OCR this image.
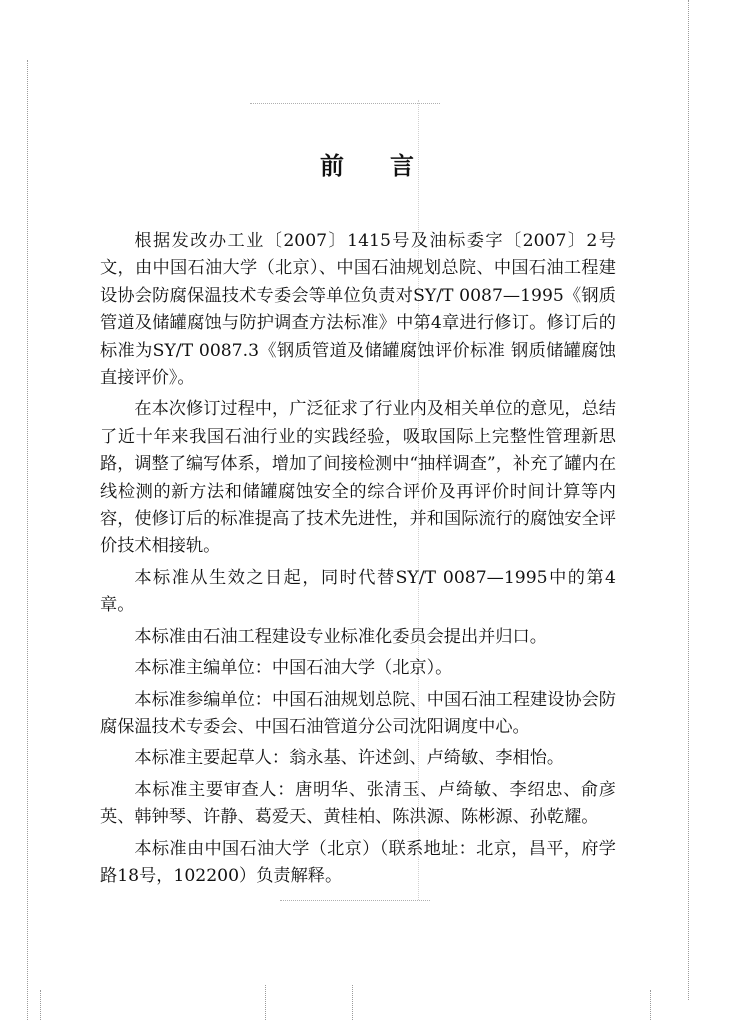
前 言

根据发改办工业〔2007〕1415号及油标委字〔2007〕2号文，由中国石油大学（北京）、中国石油规划总院、中国石油工程建设协会防腐保温技术专委会等单位负责对SY/T 0087—1995《钢质管道及储罐腐蚀与防护调查方法标准》中第4章进行修订。修订后的标准为SY/T 0087.3《钢质管道及储罐腐蚀评价标准 钢质储罐腐蚀直接评价》。

在本次修订过程中，广泛征求了行业内及相关单位的意见，总结了近十年来我国石油行业的实践经验，吸取国际上完整性管理新思路，调整了编写体系，增加了间接检测中“抽样调查”，补充了罐内在线检测的新方法和储罐腐蚀安全的综合评价及再评价时间计算等内容，使修订后的标准提高了技术先进性，并和国际流行的腐蚀安全评价技术相接轨。

本标准从生效之日起，同时代替SY/T 0087—1995中的第4章。

本标准由石油工程建设专业标准化委员会提出并归口。

本标准主编单位：中国石油大学（北京）。

本标准参编单位：中国石油规划总院、中国石油工程建设协会防腐保温技术专委会、中国石油管道分公司沈阳调度中心。

本标准主要起草人：翁永基、许述剑、卢绮敏、李相怡。

本标准主要审查人：唐明华、张清玉、卢绮敏、李绍忠、俞彦英、韩钟琴、许静、葛爱天、黄桂柏、陈洪源、陈彬源、孙乾耀。

本标准由中国石油大学（北京）（联系地址：北京，昌平，府学路18号，102200）负责解释。
